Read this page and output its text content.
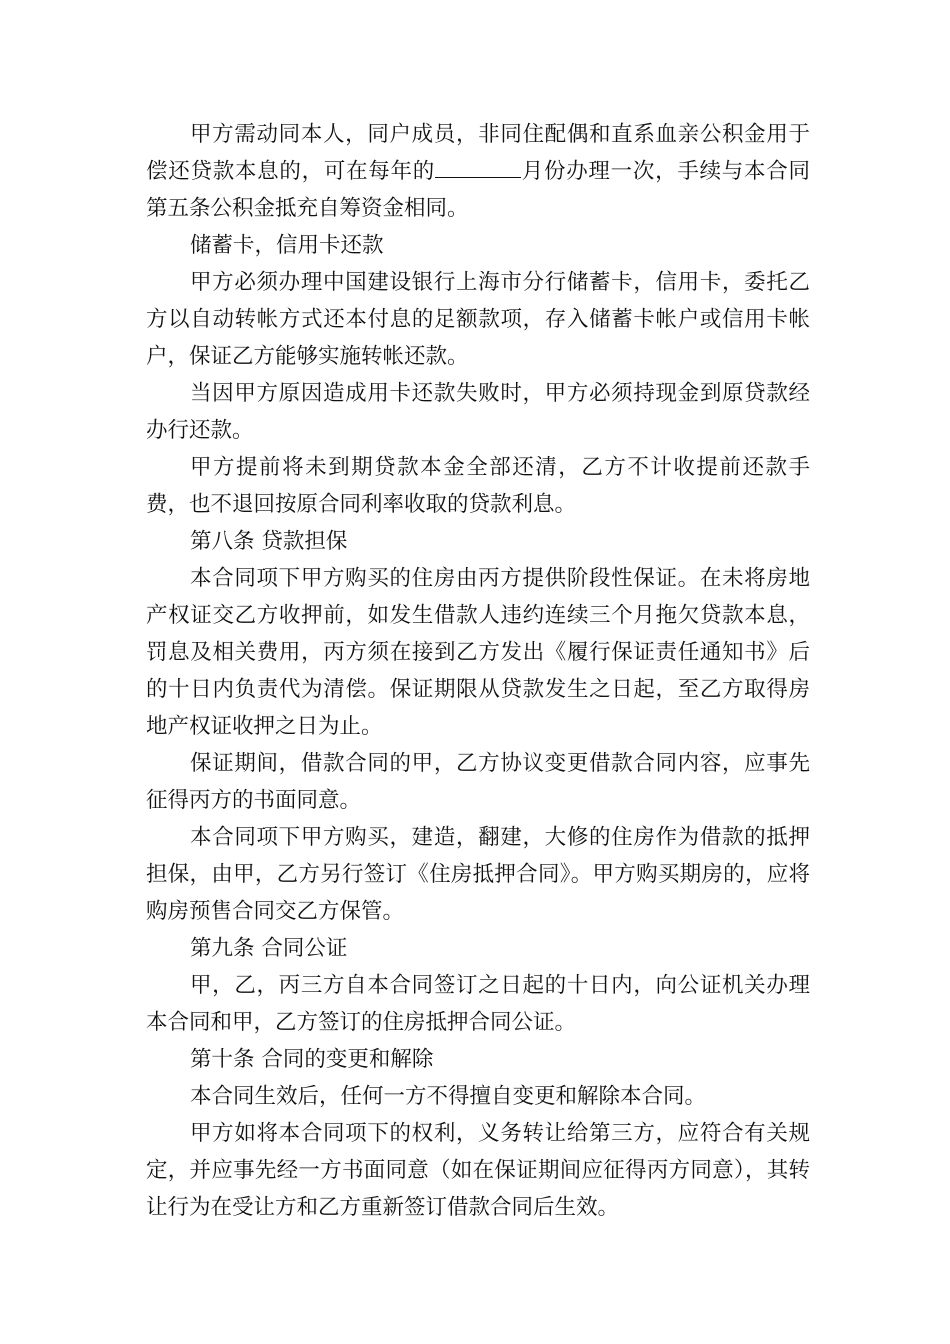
甲方需动同本人，同户成员，非同住配偶和直系血亲公积金用于偿还贷款本息的，可在每年的	月份办理一次，手续与本合同第五条公积金抵充自筹资金相同。

储蓄卡，信用卡还款

甲方必须办理中国建设银行上海市分行储蓄卡，信用卡，委托乙方以自动转帐方式还本付息的足额款项，存入储蓄卡帐户或信用卡帐户，保证乙方能够实施转帐还款。

当因甲方原因造成用卡还款失败时，甲方必须持现金到原贷款经办行还款。

甲方提前将未到期贷款本金全部还清，乙方不计收提前还款手费，也不退回按原合同利率收取的贷款利息。

第八条 贷款担保

本合同项下甲方购买的住房由丙方提供阶段性保证。在未将房地产权证交乙方收押前，如发生借款人违约连续三个月拖欠贷款本息，罚息及相关费用，丙方须在接到乙方发出《履行保证责任通知书》后的十日内负责代为清偿。保证期限从贷款发生之日起，至乙方取得房地产权证收押之日为止。

保证期间，借款合同的甲，乙方协议变更借款合同内容，应事先征得丙方的书面同意。

本合同项下甲方购买，建造，翻建，大修的住房作为借款的抵押担保，由甲，乙方另行签订《住房抵押合同》。甲方购买期房的，应将购房预售合同交乙方保管。

第九条 合同公证

甲，乙，丙三方自本合同签订之日起的十日内，向公证机关办理本合同和甲，乙方签订的住房抵押合同公证。

第十条 合同的变更和解除

本合同生效后，任何一方不得擅自变更和解除本合同。

甲方如将本合同项下的权利，义务转让给第三方，应符合有关规定，并应事先经一方书面同意（如在保证期间应征得丙方同意），其转让行为在受让方和乙方重新签订借款合同后生效。
